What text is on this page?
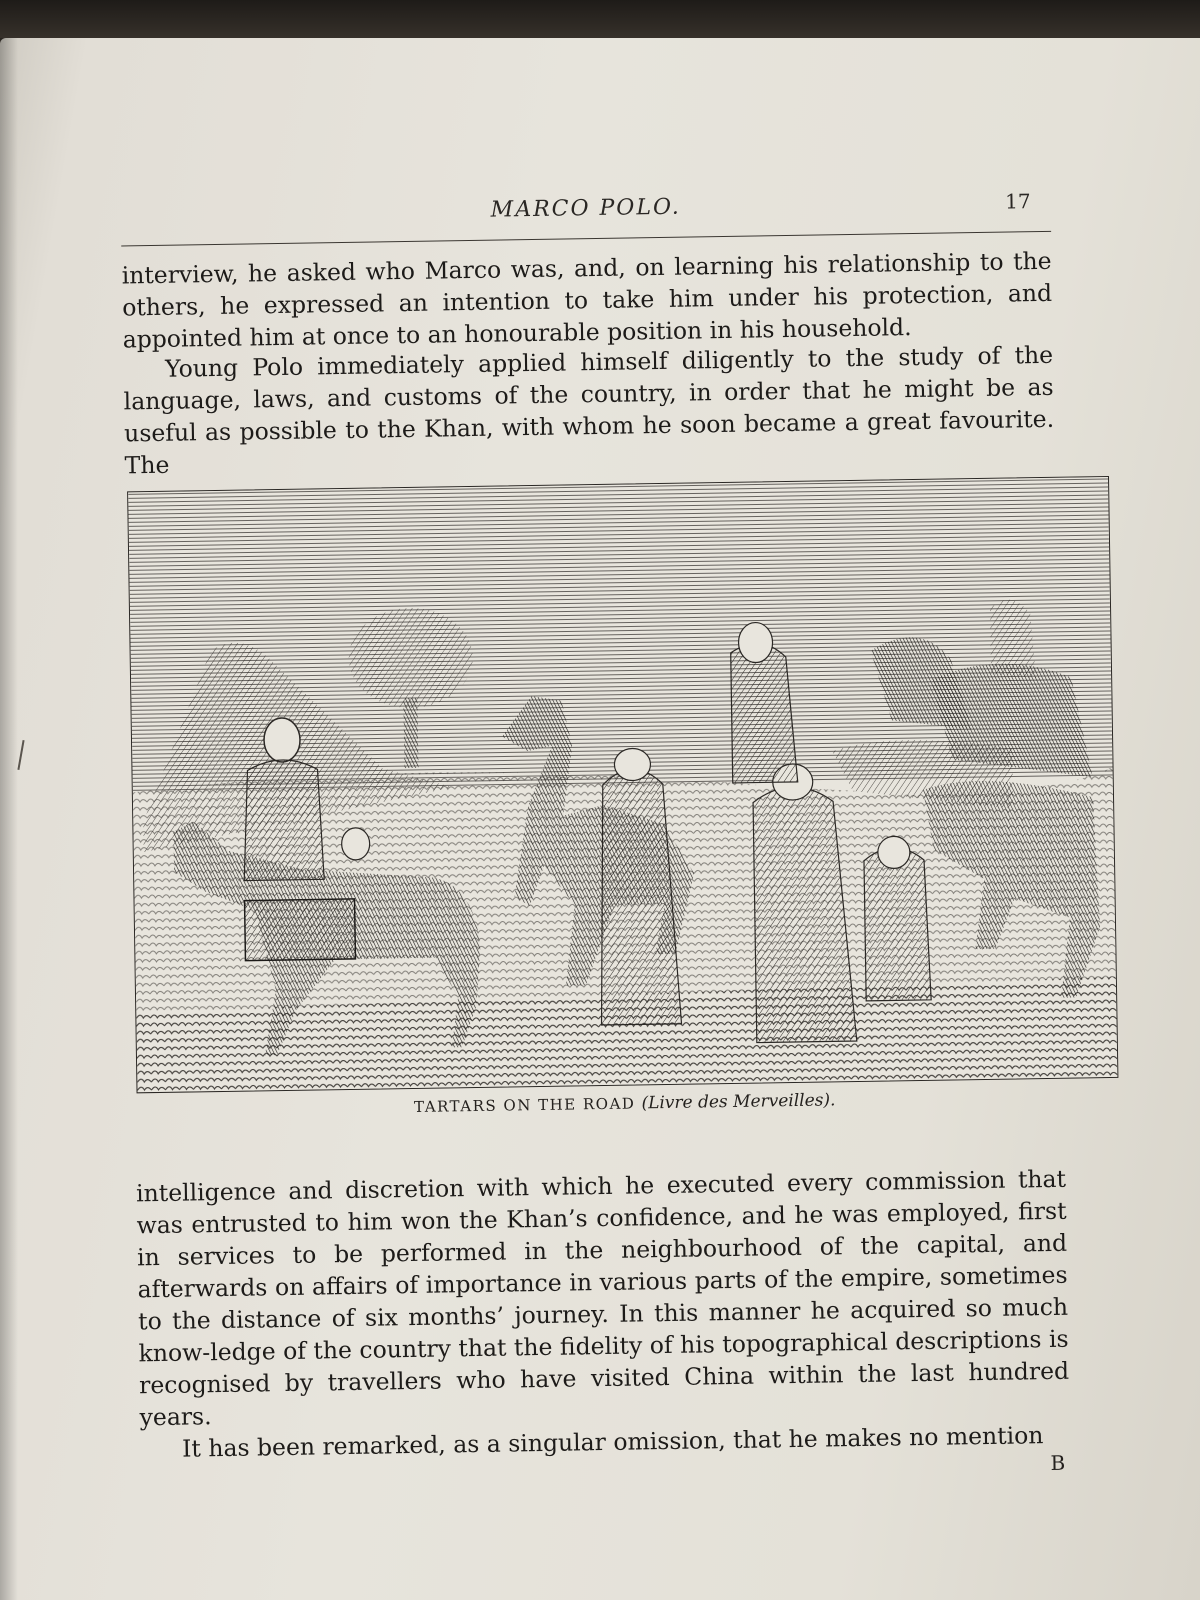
MARCO POLO.	17

interview, he asked who Marco was, and, on learning his relationship to the others, he expressed an intention to take him under his protection, and appointed him at once to an honourable position in his household.

Young Polo immediately applied himself diligently to the study of the language, laws, and customs of the country, in order that he might be as useful as possible to the Khan, with whom he soon became a great favourite. The

TARTARS ON THE ROAD (Livre des Merveilles).

intelligence and discretion with which he executed every commission that was entrusted to him won the Khan’s confidence, and he was employed, first in services to be performed in the neighbourhood of the capital, and afterwards on affairs of importance in various parts of the empire, sometimes to the distance of six months’ journey. In this manner he acquired so much know-ledge of the country that the fidelity of his topographical descriptions is recognised by travellers who have visited China within the last hundred years.

It has been remarked, as a singular omission, that he makes no mention

B
